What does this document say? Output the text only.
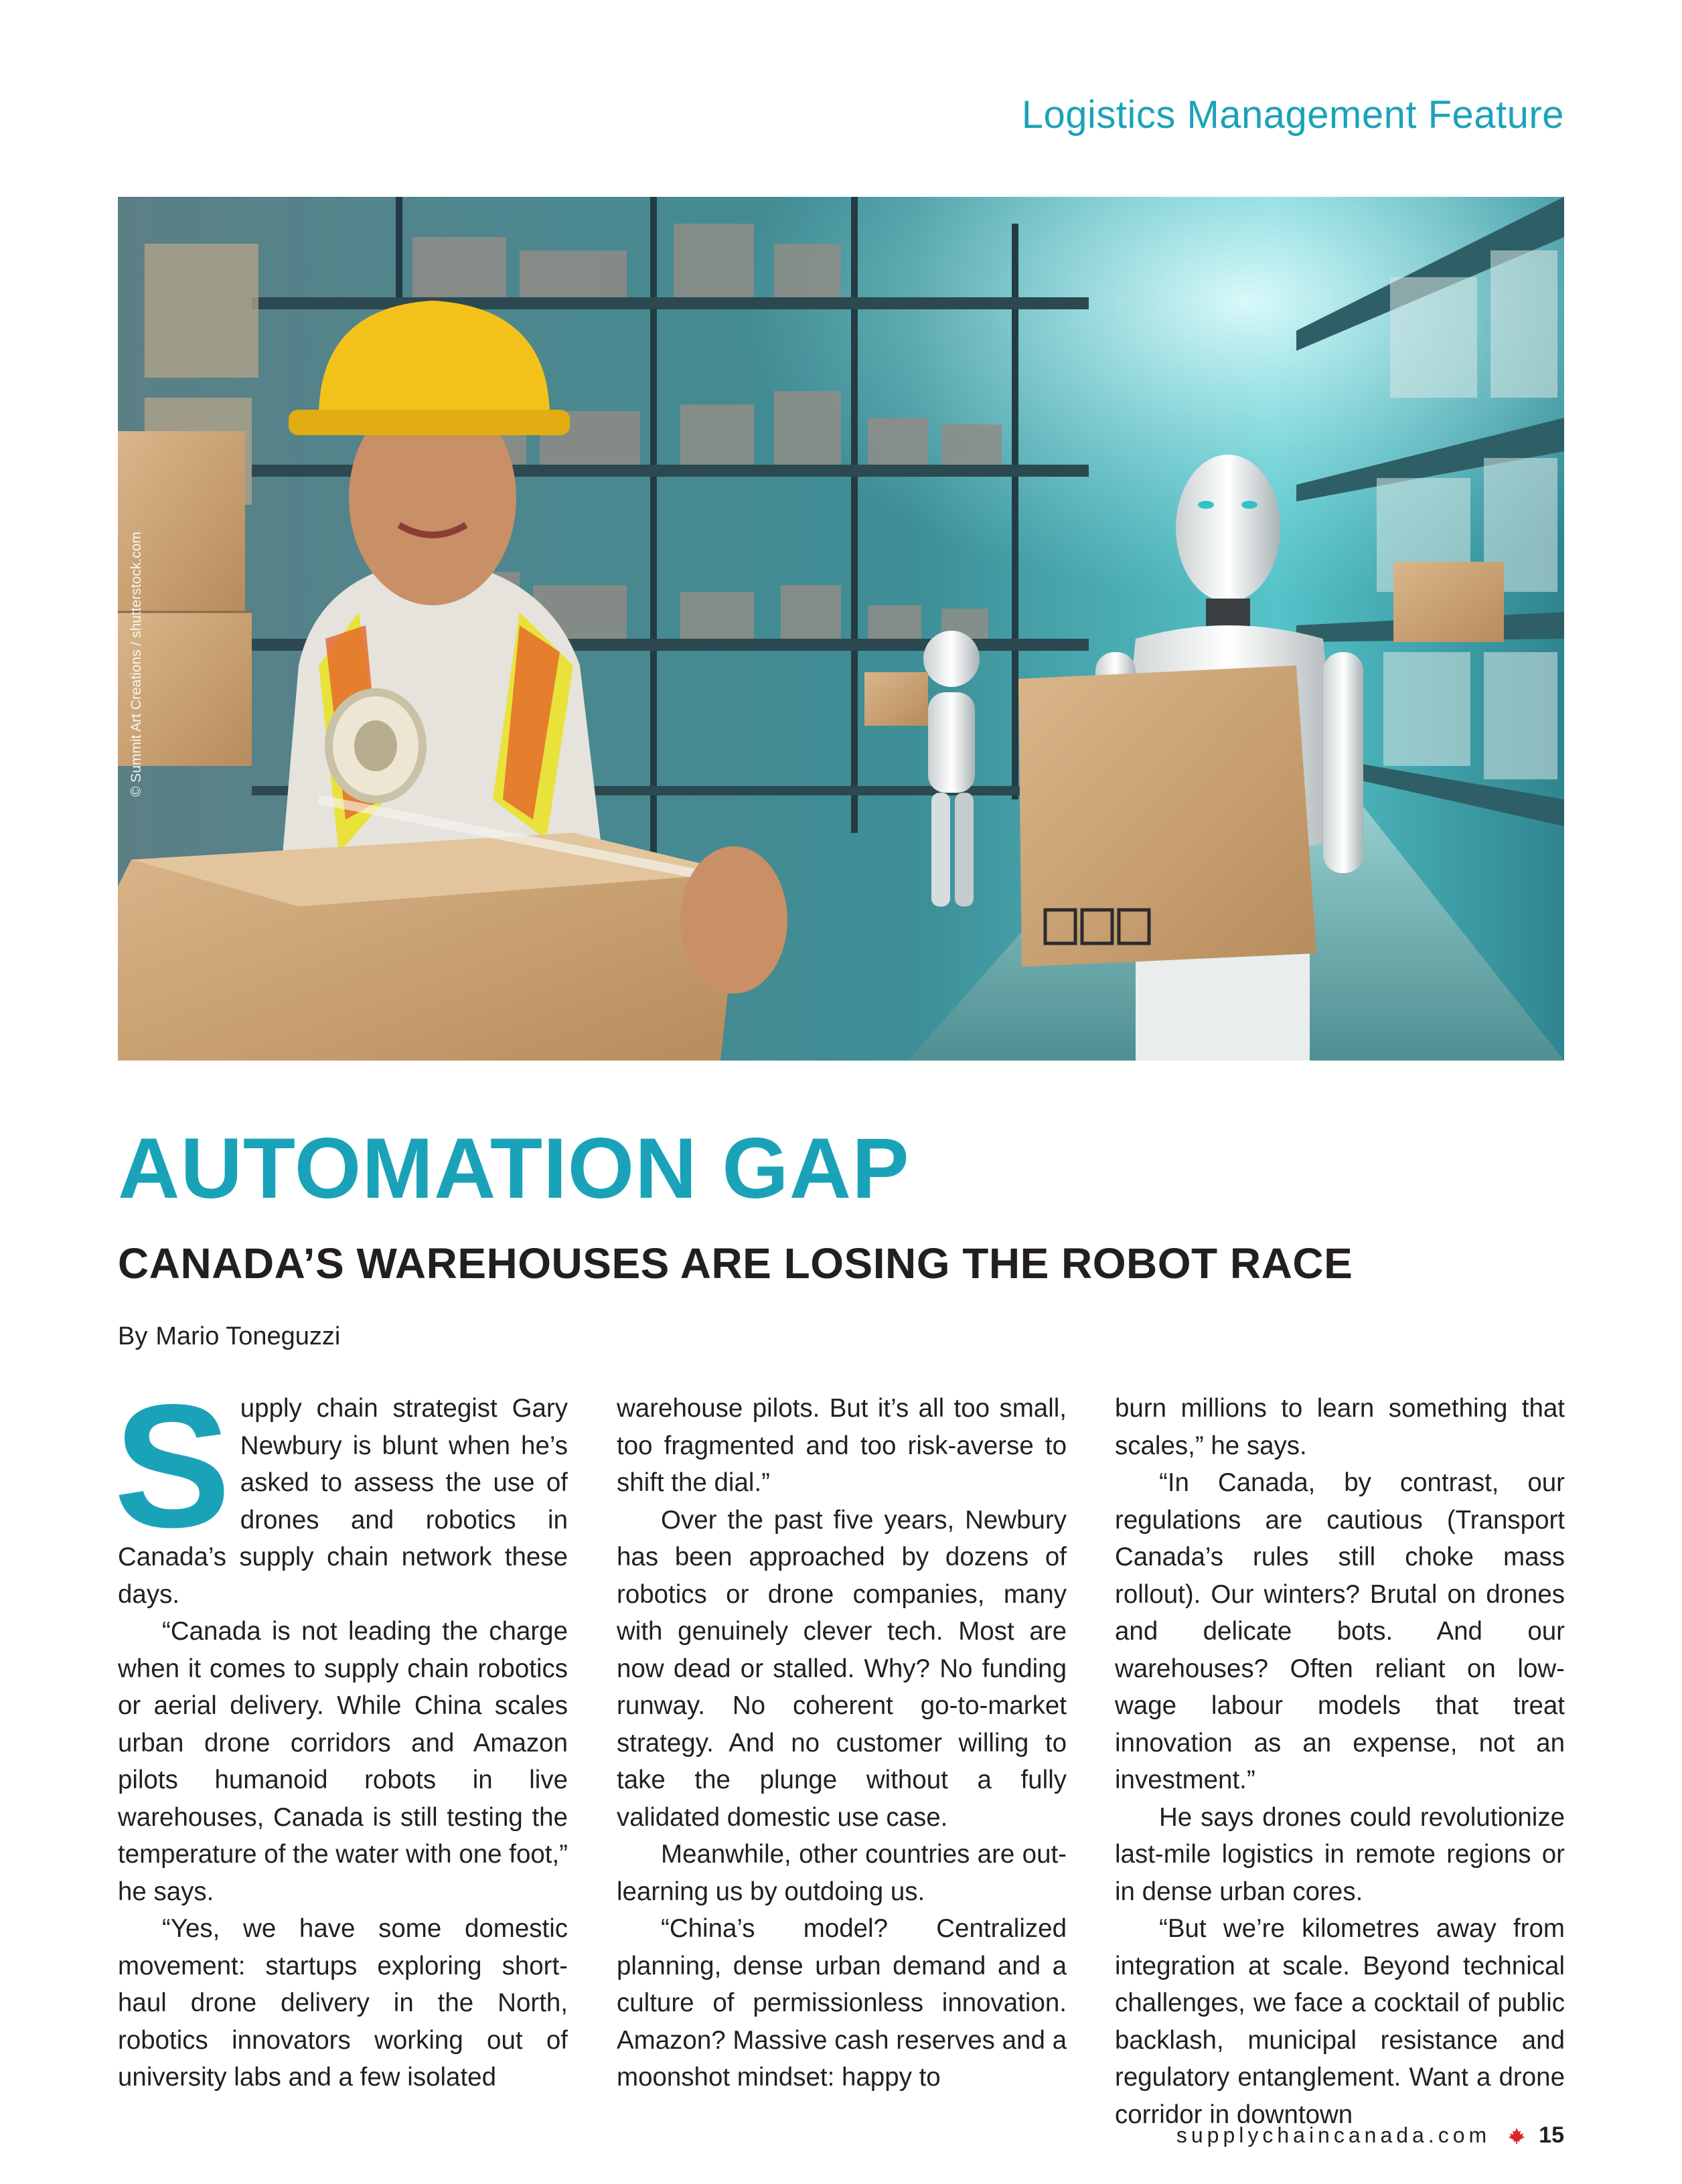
Logistics Management Feature
© Summit Art Creations / shutterstock.com
AUTOMATION GAP
CANADA’S WAREHOUSES ARE LOSING THE ROBOT RACE
By Mario Toneguzzi

Supply chain strategist Gary Newbury is blunt when he’s asked to assess the use of drones and robotics in Canada’s supply chain network these days.

“Canada is not leading the charge when it comes to supply chain robotics or aerial delivery. While China scales urban drone corridors and Amazon pilots humanoid robots in live warehouses, Canada is still testing the temperature of the water with one foot,” he says.

“Yes, we have some domestic movement: startups exploring short-haul drone delivery in the North, robotics innovators working out of university labs and a few isolated

warehouse pilots. But it’s all too small, too fragmented and too risk-averse to shift the dial.”

Over the past five years, Newbury has been approached by dozens of robotics or drone companies, many with genuinely clever tech. Most are now dead or stalled. Why? No funding runway. No coherent go-to-market strategy. And no customer willing to take the plunge without a fully validated domestic use case.

Meanwhile, other countries are out-learning us by outdoing us.

“China’s model? Centralized planning, dense urban demand and a culture of permissionless innovation. Amazon? Massive cash reserves and a moonshot mindset: happy to

burn millions to learn something that scales,” he says.

“In Canada, by contrast, our regulations are cautious (Transport Canada’s rules still choke mass rollout). Our winters? Brutal on drones and delicate bots. And our warehouses? Often reliant on low-wage labour models that treat innovation as an expense, not an investment.”

He says drones could revolutionize last-mile logistics in remote regions or in dense urban cores.

“But we’re kilometres away from integration at scale. Beyond technical challenges, we face a cocktail of public backlash, municipal resistance and regulatory entanglement. Want a drone corridor in downtown

supplychaincanada.com 15
